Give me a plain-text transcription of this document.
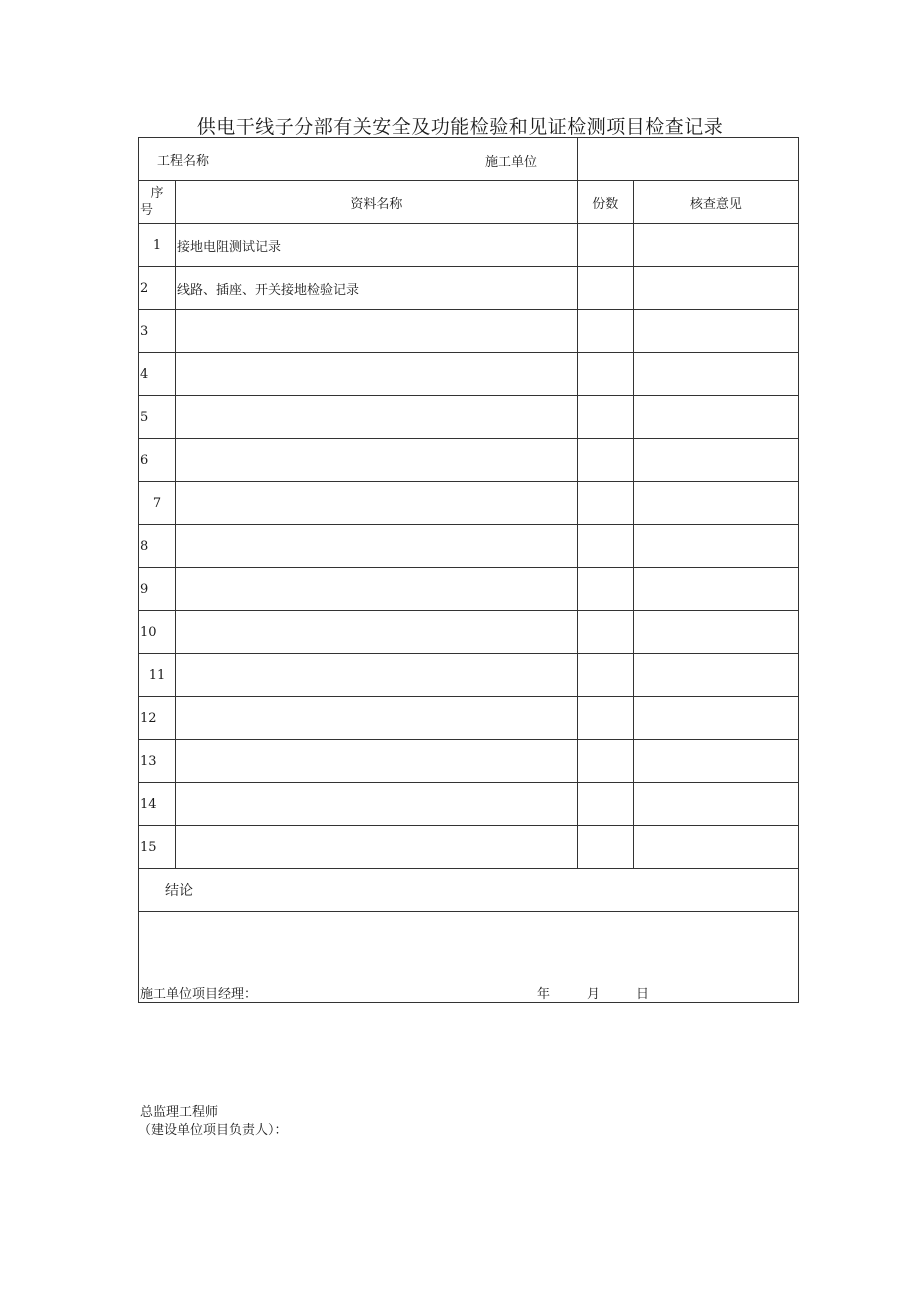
供电干线子分部有关安全及功能检验和见证检测项目检查记录
工程名称 施工单位			

序
号	资料名称	份数	核查意见
1	接地电阻测试记录		
2	线路、插座、开关接地检验记录		
3			
4			
5			
6			
7			
8			
9			
10			
11			
12			
13			
14			
15			
结论			

施工单位项目经理： 年 月 日			
总监理工程师
（建设单位项目负责人）：
